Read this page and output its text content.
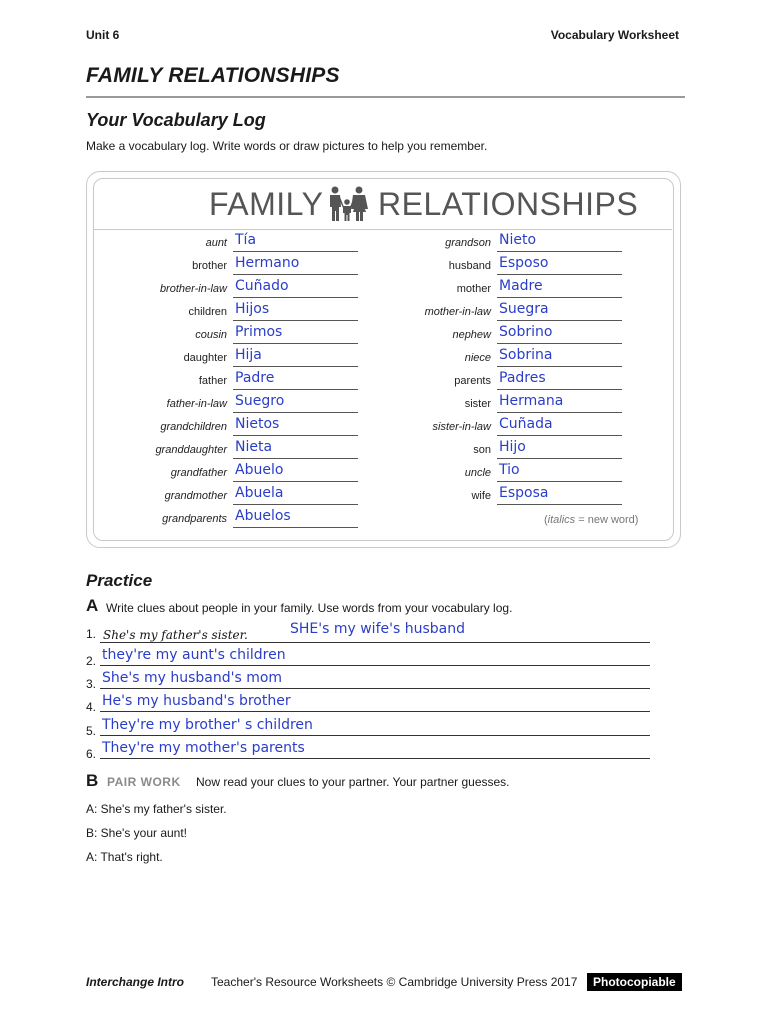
Unit 6	Vocabulary Worksheet
FAMILY RELATIONSHIPS
Your Vocabulary Log
Make a vocabulary log. Write words or draw pictures to help you remember.
FAMILY RELATIONSHIPS
aunt Tía
brother Hermano
brother-in-law Cuñado
children Hijos
cousin Primos
daughter Hija
father Padre
father-in-law Suegro
grandchildren Nietos
granddaughter Nieta
grandfather Abuelo
grandmother Abuela
grandparents Abuelos
grandson Nieto
husband Esposo
mother Madre
mother-in-law Suegra
nephew Sobrino
niece Sobrina
parents Padres
sister Hermana
sister-in-law Cuñada
son Hijo
uncle Tio
wife Esposa
(italics = new word)
Practice
A Write clues about people in your family. Use words from your vocabulary log.
1. She's my father's sister.	SHE's my wife's husband
2. they're my aunt's children
3. She's my husband's mom
4. He's my husband's brother
5. They're my brother' s children
6. They're my mother's parents
B PAIR WORK Now read your clues to your partner. Your partner guesses.
A: She's my father's sister.
B: She's your aunt!
A: That's right.
Interchange Intro Teacher's Resource Worksheets © Cambridge University Press 2017	Photocopiable
